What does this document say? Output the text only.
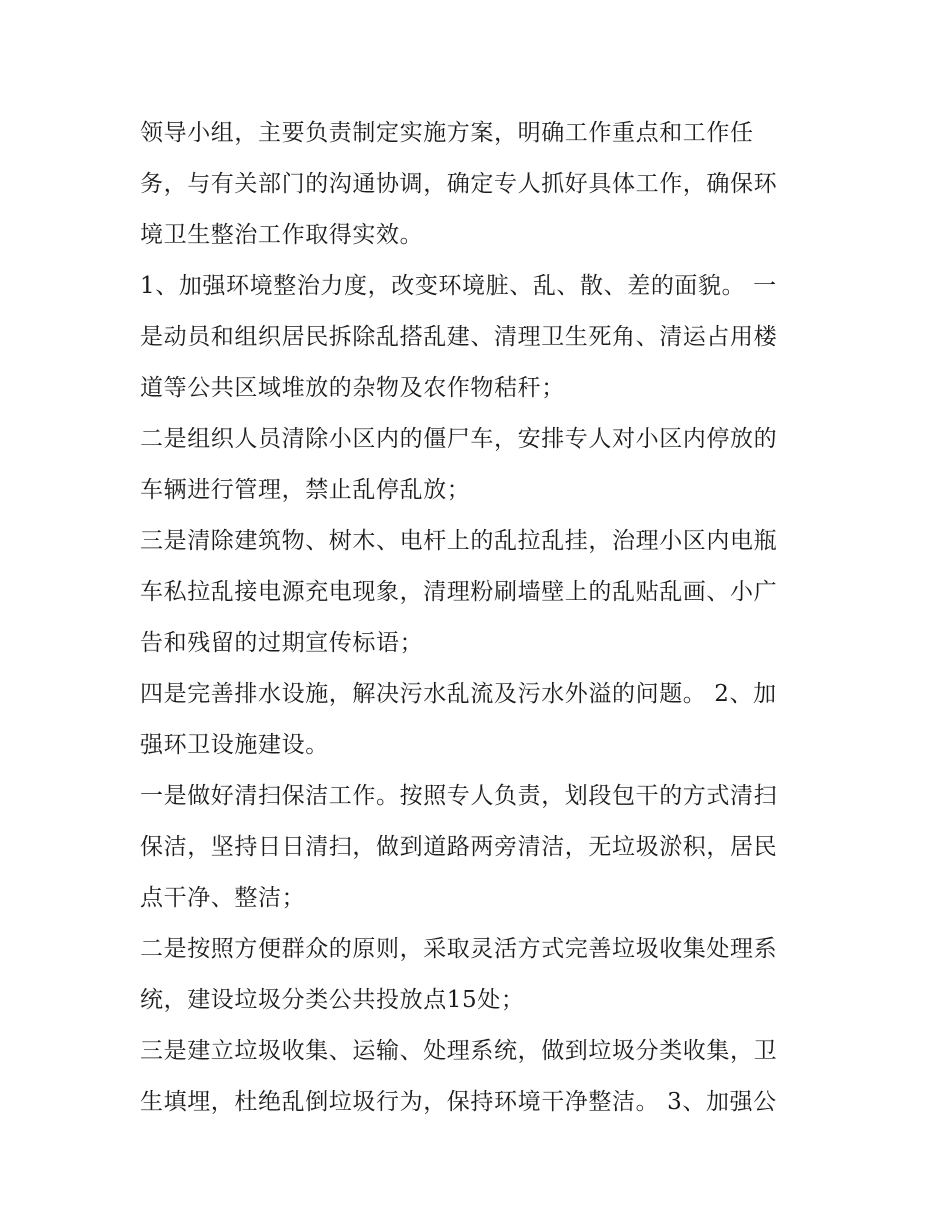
领导小组，主要负责制定实施方案，明确工作重点和工作任
务，与有关部门的沟通协调，确定专人抓好具体工作，确保环
境卫生整治工作取得实效。
1、加强环境整治力度，改变环境脏、乱、散、差的面貌。 一
是动员和组织居民拆除乱搭乱建、清理卫生死角、清运占用楼
道等公共区域堆放的杂物及农作物秸秆；
二是组织人员清除小区内的僵尸车，安排专人对小区内停放的
车辆进行管理，禁止乱停乱放；
三是清除建筑物、树木、电杆上的乱拉乱挂，治理小区内电瓶
车私拉乱接电源充电现象，清理粉刷墙壁上的乱贴乱画、小广
告和残留的过期宣传标语；
四是完善排水设施，解决污水乱流及污水外溢的问题。 2、加
强环卫设施建设。
一是做好清扫保洁工作。按照专人负责，划段包干的方式清扫
保洁，坚持日日清扫，做到道路两旁清洁，无垃圾淤积，居民
点干净、整洁；
二是按照方便群众的原则，采取灵活方式完善垃圾收集处理系
统，建设垃圾分类公共投放点15处；
三是建立垃圾收集、运输、处理系统，做到垃圾分类收集，卫
生填埋，杜绝乱倒垃圾行为，保持环境干净整洁。 3、加强公
